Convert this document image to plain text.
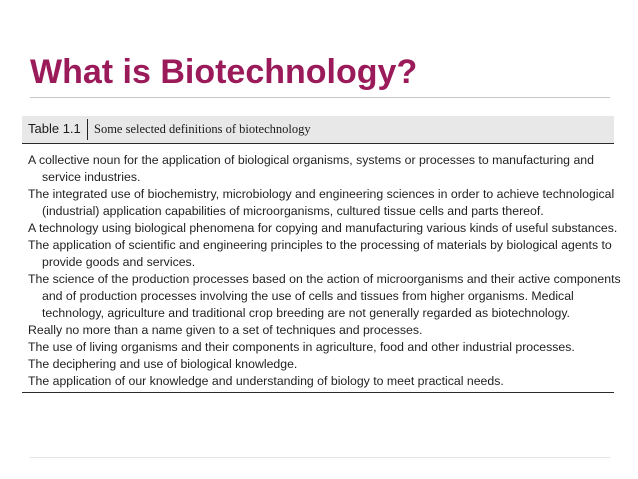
What is Biotechnology?
Table 1.1 Some selected definitions of biotechnology
A collective noun for the application of biological organisms, systems or processes to manufacturing and service industries.
The integrated use of biochemistry, microbiology and engineering sciences in order to achieve technological (industrial) application capabilities of microorganisms, cultured tissue cells and parts thereof.
A technology using biological phenomena for copying and manufacturing various kinds of useful substances.
The application of scientific and engineering principles to the processing of materials by biological agents to provide goods and services.
The science of the production processes based on the action of microorganisms and their active components and of production processes involving the use of cells and tissues from higher organisms. Medical technology, agriculture and traditional crop breeding are not generally regarded as biotechnology.
Really no more than a name given to a set of techniques and processes.
The use of living organisms and their components in agriculture, food and other industrial processes.
The deciphering and use of biological knowledge.
The application of our knowledge and understanding of biology to meet practical needs.
